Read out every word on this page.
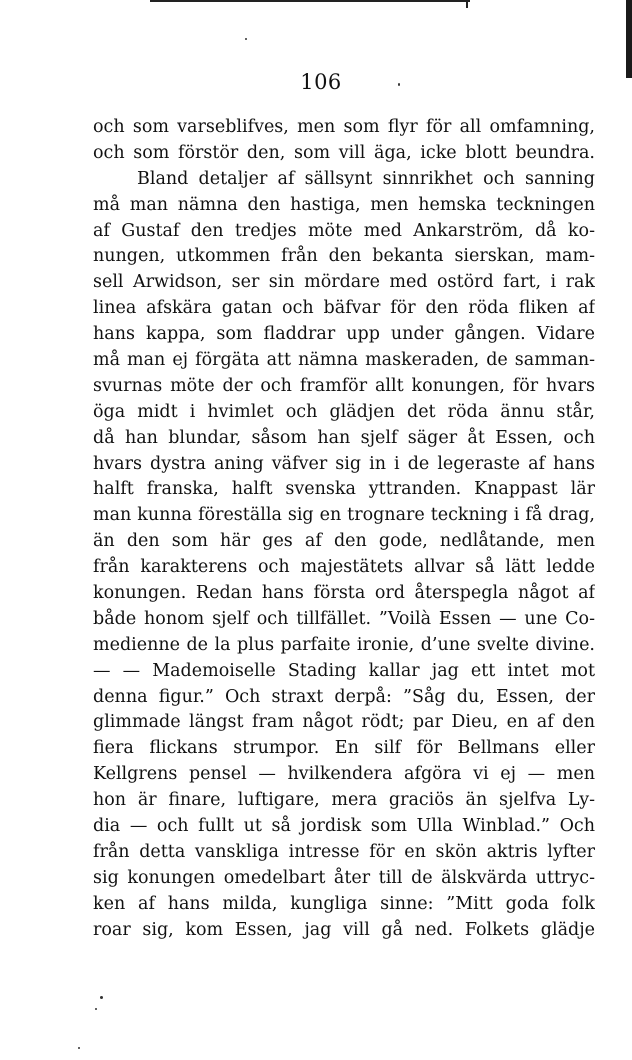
106
och som varseblifves, men som flyr för all omfamning,
och som förstör den, som vill äga, icke blott beundra.
Bland detaljer af sällsynt sinnrikhet och sanning
må man nämna den hastiga, men hemska teckningen
af Gustaf den tredjes möte med Ankarström, då ko-
nungen, utkommen från den bekanta sierskan, mam-
sell Arwidson, ser sin mördare med ostörd fart, i rak
linea afskära gatan och bäfvar för den röda fliken af
hans kappa, som fladdrar upp under gången. Vidare
må man ej förgäta att nämna maskeraden, de samman-
svurnas möte der och framför allt konungen, för hvars
öga midt i hvimlet och glädjen det röda ännu står,
då han blundar, såsom han sjelf säger åt Essen, och
hvars dystra aning väfver sig in i de legeraste af hans
halft franska, halft svenska yttranden. Knappast lär
man kunna föreställa sig en trognare teckning i få drag,
än den som här ges af den gode, nedlåtande, men
från karakterens och majestätets allvar så lätt ledde
konungen. Redan hans första ord återspegla något af
både honom sjelf och tillfället. ”Voilà Essen — une Co-
medienne de la plus parfaite ironie, d’une svelte divine.
— — Mademoiselle Stading kallar jag ett intet mot
denna figur.” Och straxt derpå: ”Såg du, Essen, der
glimmade längst fram något rödt; par Dieu, en af den
fiera flickans strumpor. En silf för Bellmans eller
Kellgrens pensel — hvilkendera afgöra vi ej — men
hon är finare, luftigare, mera graciös än sjelfva Ly-
dia — och fullt ut så jordisk som Ulla Winblad.” Och
från detta vanskliga intresse för en skön aktris lyfter
sig konungen omedelbart åter till de älskvärda uttryc-
ken af hans milda, kungliga sinne: ”Mitt goda folk
roar sig, kom Essen, jag vill gå ned. Folkets glädje
